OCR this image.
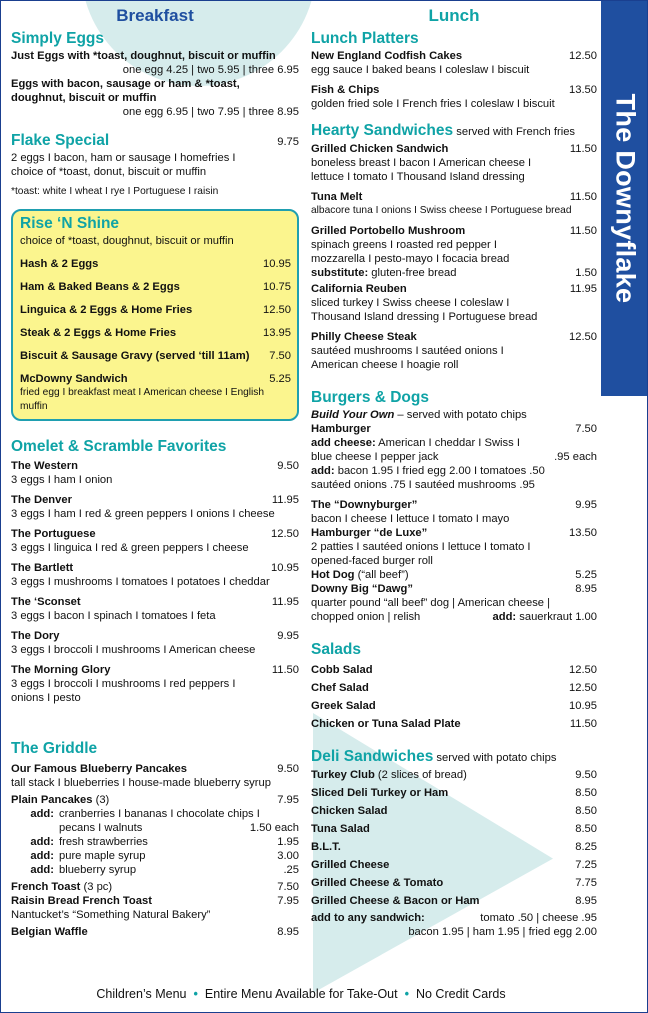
The Downyflake
Breakfast
Simply Eggs
Just Eggs with *toast, doughnut, biscuit or muffin
one egg 4.25 | two 5.95 | three 6.95
Eggs with bacon, sausage or ham & *toast,
doughnut, biscuit or muffin
one egg 6.95 | two 7.95 | three 8.95
Flake Special	9.75
2 eggs I bacon, ham or sausage I homefries I
choice of *toast, donut, biscuit or muffin
*toast: white I wheat I rye I Portuguese I raisin
Rise ‘N Shine
choice of *toast, doughnut, biscuit or muffin
Hash & 2 Eggs	10.95
Ham & Baked Beans & 2 Eggs	10.75
Linguica & 2 Eggs & Home Fries	12.50
Steak & 2 Eggs & Home Fries	13.95
Biscuit & Sausage Gravy (served ‘till 11am)	7.50
McDowny Sandwich	5.25
fried egg I breakfast meat I American cheese I English muffin
Omelet & Scramble Favorites
The Western	9.50
3 eggs I ham I onion
The Denver	11.95
3 eggs I ham I red & green peppers I onions I cheese
The Portuguese	12.50
3 eggs I linguica I red & green peppers I cheese
The Bartlett	10.95
3 eggs I mushrooms I tomatoes I potatoes I cheddar
The ‘Sconset	11.95
3 eggs I bacon I spinach I tomatoes I feta
The Dory	9.95
3 eggs I broccoli I mushrooms I American cheese
The Morning Glory	11.50
3 eggs I broccoli I mushrooms I red peppers I
onions I pesto
The Griddle
Our Famous Blueberry Pancakes	9.50
tall stack I blueberries I house-made blueberry syrup
Plain Pancakes (3)	7.95
add: cranberries I bananas I chocolate chips I
pecans I walnuts	1.50 each
add: fresh strawberries	1.95
add: pure maple syrup	3.00
add: blueberry syrup	.25
French Toast (3 pc)	7.50
Raisin Bread French Toast	7.95
Nantucket’s “Something Natural Bakery”
Belgian Waffle	8.95
Lunch
Lunch Platters
New England Codfish Cakes	12.50
egg sauce I baked beans I coleslaw I biscuit
Fish & Chips	13.50
golden fried sole I French fries I coleslaw I biscuit
Hearty Sandwiches served with French fries
Grilled Chicken Sandwich	11.50
boneless breast I bacon I American cheese I
lettuce I tomato I Thousand Island dressing
Tuna Melt	11.50
albacore tuna I onions I Swiss cheese I Portuguese bread
Grilled Portobello Mushroom	11.50
spinach greens I roasted red pepper I
mozzarella I pesto-mayo I focacia bread
substitute: gluten-free bread	1.50
California Reuben	11.95
sliced turkey I Swiss cheese I coleslaw I
Thousand Island dressing I Portuguese bread
Philly Cheese Steak	12.50
sautéed mushrooms I sautéed onions I
American cheese I hoagie roll
Burgers & Dogs
Build Your Own – served with potato chips
Hamburger	7.50
add cheese: American I cheddar I Swiss I
blue cheese I pepper jack	.95 each
add: bacon 1.95 I fried egg 2.00 I tomatoes .50
sautéed onions .75 I sautéed mushrooms .95
The “Downyburger”	9.95
bacon I cheese I lettuce I tomato I mayo
Hamburger “de Luxe”	13.50
2 patties I sautéed onions I lettuce I tomato I
opened-faced burger roll
Hot Dog (“all beef”)	5.25
Downy Big “Dawg”	8.95
quarter pound “all beef” dog | American cheese |
chopped onion | relish	add: sauerkraut 1.00
Salads
Cobb Salad	12.50
Chef Salad	12.50
Greek Salad	10.95
Chicken or Tuna Salad Plate	11.50
Deli Sandwiches served with potato chips
Turkey Club (2 slices of bread)	9.50
Sliced Deli Turkey or Ham	8.50
Chicken Salad	8.50
Tuna Salad	8.50
B.L.T.	8.25
Grilled Cheese	7.25
Grilled Cheese & Tomato	7.75
Grilled Cheese & Bacon or Ham	8.95
add to any sandwich:	tomato .50 | cheese .95
bacon 1.95 | ham 1.95 | fried egg 2.00
Children’s Menu • Entire Menu Available for Take-Out • No Credit Cards
